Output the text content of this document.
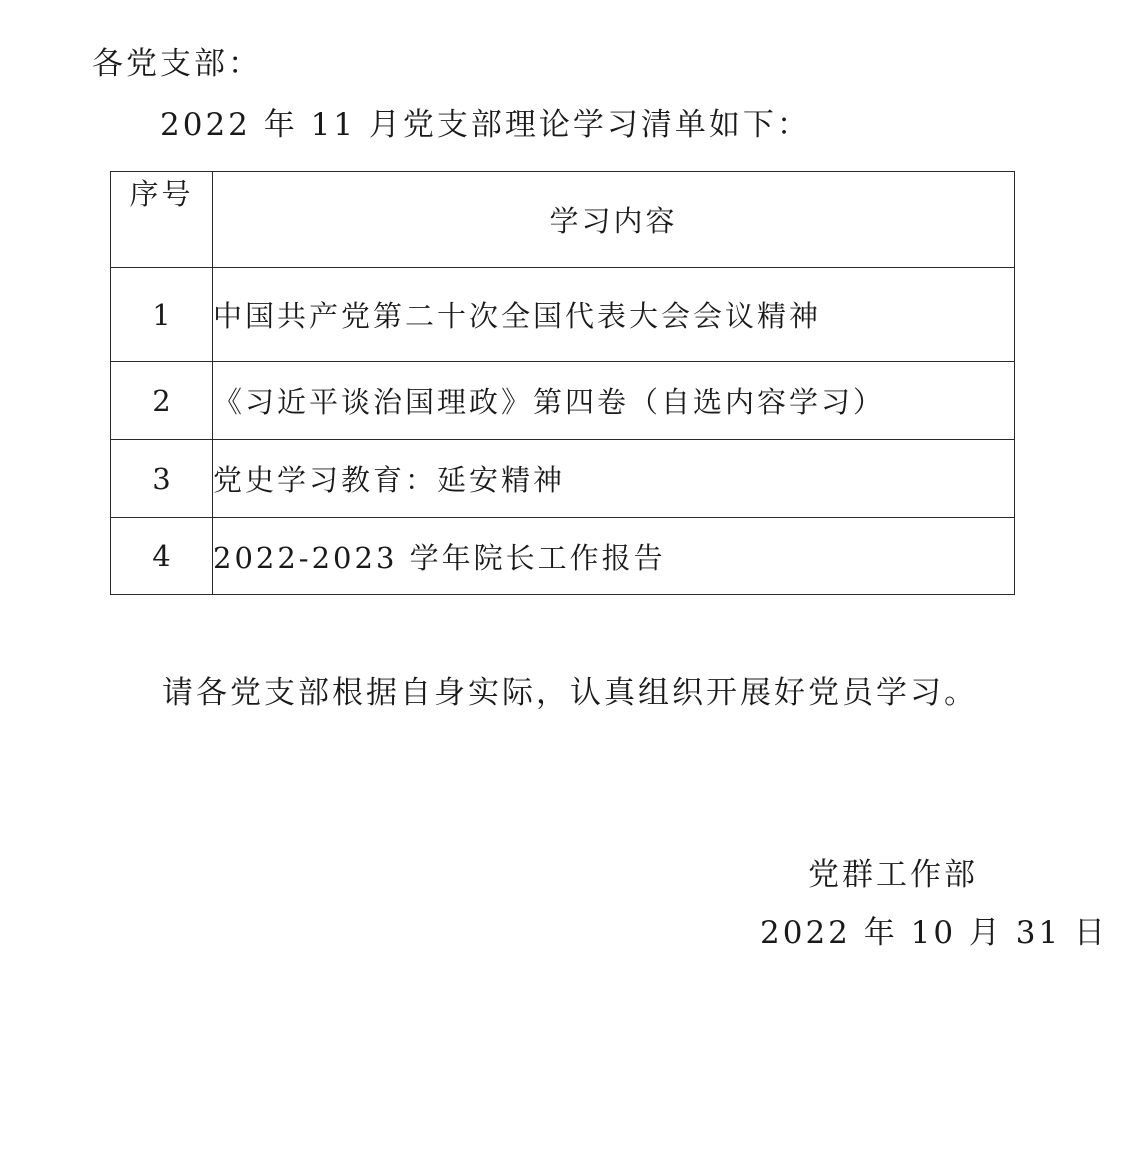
各党支部：
2022 年 11 月党支部理论学习清单如下：
序号	学习内容
1	中国共产党第二十次全国代表大会会议精神
2	《习近平谈治国理政》第四卷（自选内容学习）
3	党史学习教育：延安精神
4	2022-2023 学年院长工作报告
请各党支部根据自身实际，认真组织开展好党员学习。
党群工作部
2022 年 10 月 31 日
